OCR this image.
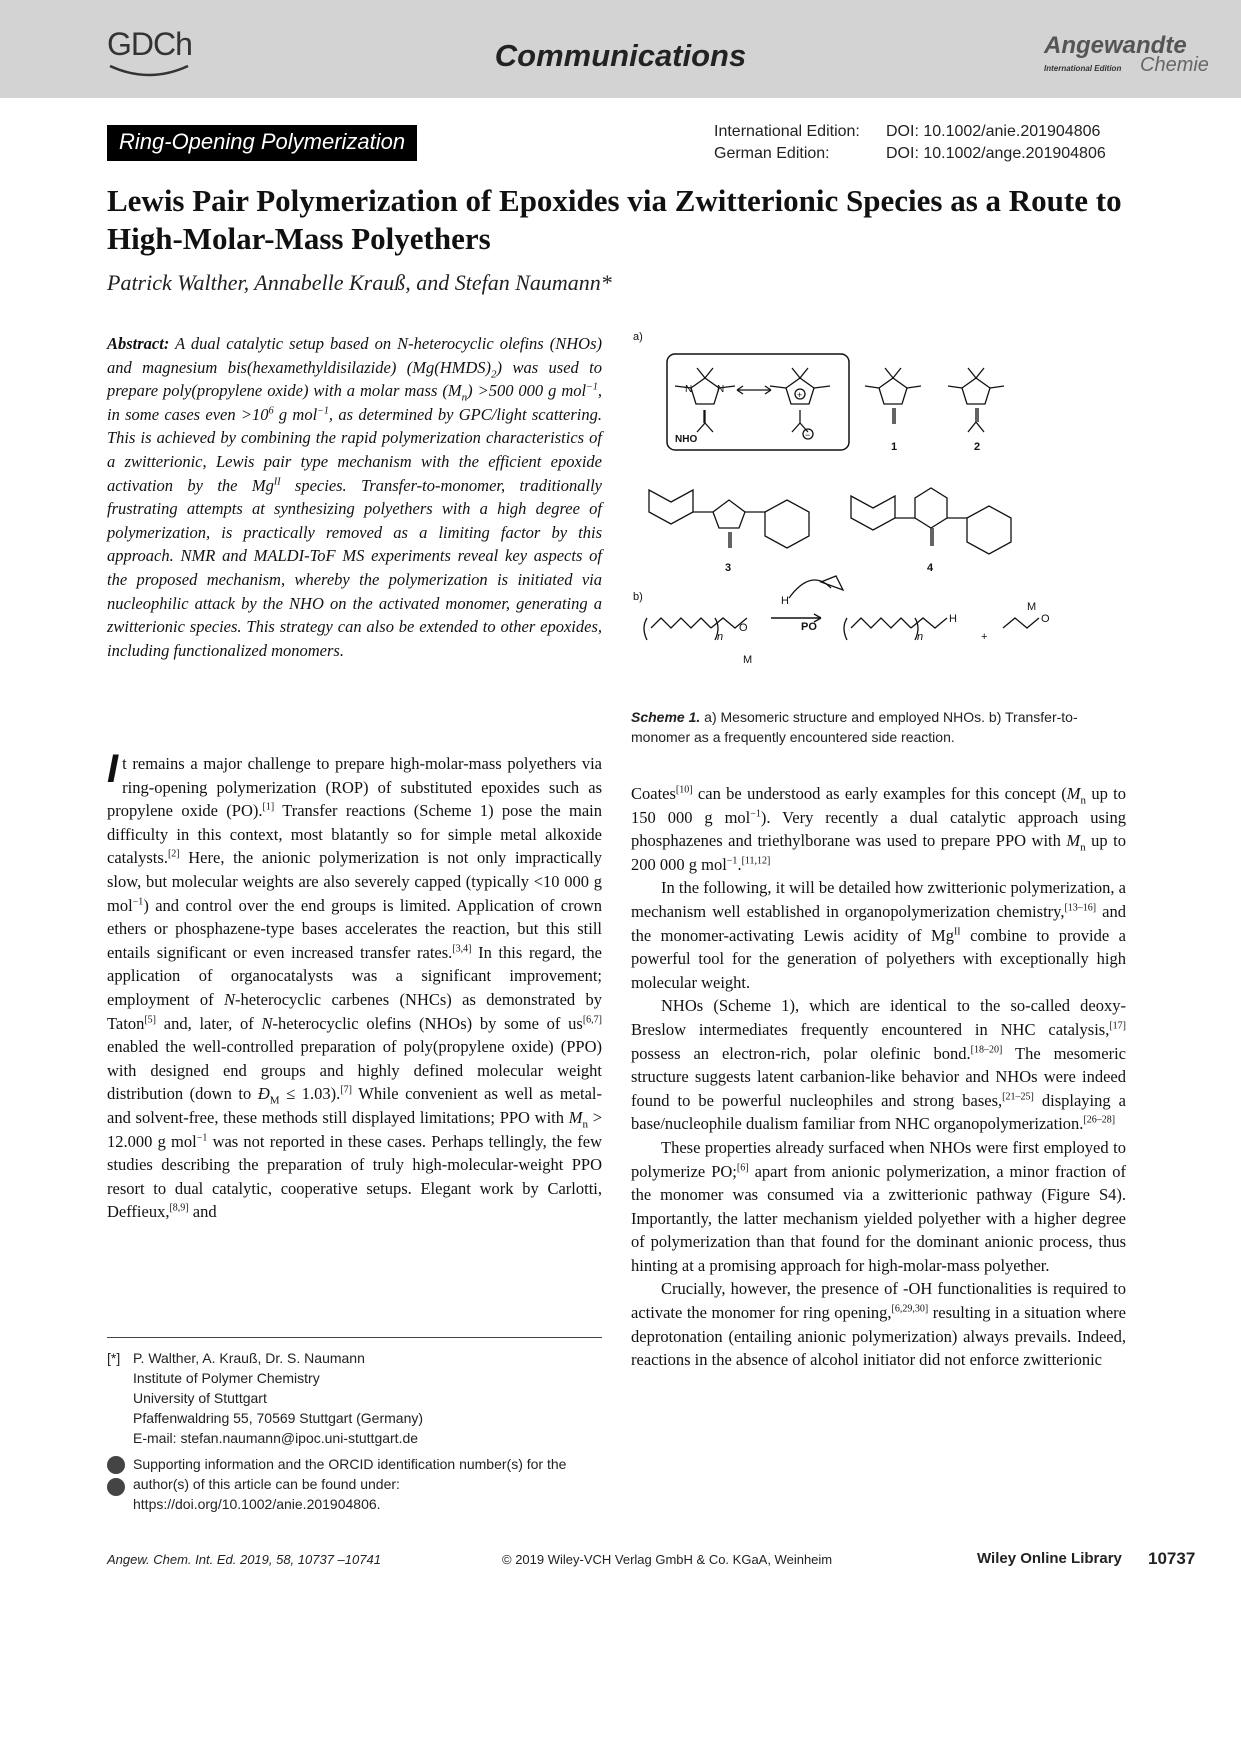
GDCh	Communications	Angewandte
International Edition Chemie
Ring-Opening Polymerization	International Edition: DOI: 10.1002/anie.201904806
German Edition:	DOI: 10.1002/ange.201904806
Lewis Pair Polymerization of Epoxides via Zwitterionic Species as a Route to High-Molar-Mass Polyethers
Patrick Walther, Annabelle Krauß, and Stefan Naumann*

Abstract: A dual catalytic setup based on N-heterocyclic olefins (NHOs) and magnesium bis(hexamethyldisilazide) $(Mg(HMDS)_2)$ was used to prepare poly(propylene oxide) with a molar mass $(M_n) >500$ 000 g mol$^{-1}$, in some cases even $>10^6$ g mol$^{-1}$, as determined by GPC/light scattering. This is achieved by combining the rapid polymerization characteristics of a zwitterionic, Lewis pair type mechanism with the efficient epoxide activation by the $Mg^{II}$ species. Transfer-to-monomer, traditionally frustrating attempts at synthesizing polyethers with a high degree of polymerization, is practically removed as a limiting factor by this approach. NMR and MALDI-ToF MS experiments reveal key aspects of the proposed mechanism, whereby the polymerization is initiated via nucleophilic attack by the NHO on the activated monomer, generating a zwitterionic species. This strategy can also be extended to other epoxides, including functionalized monomers.

It remains a major challenge to prepare high-molar-mass polyethers via ring-opening polymerization (ROP) of substituted epoxides such as propylene oxide (PO).[1] Transfer reactions (Scheme 1) pose the main difficulty in this context, most blatantly so for simple metal alkoxide catalysts.[2] Here, the anionic polymerization is not only impractically slow, but molecular weights are also severely capped (typically <10 000 g mol$^{-1}$) and control over the end groups is limited. Application of crown ethers or phosphazene-type bases accelerates the reaction, but this still entails significant or even increased transfer rates.[3,4] In this regard, the application of organocatalysts was a significant improvement; employment of N-heterocyclic carbenes (NHCs) as demonstrated by Taton[5] and, later, of N-heterocyclic olefins (NHOs) by some of us[6,7] enabled the well-controlled preparation of poly(propylene oxide) (PPO) with designed end groups and highly defined molecular weight distribution (down to $Đ_M \le 1.03).[7]$ While convenient as well as metal- and solvent-free, these methods still displayed limitations; PPO with $M_n > 12.000$ g mol$^{-1}$ was not reported in these cases. Perhaps tellingly, the few studies describing the preparation of truly high-molecular-weight PPO resort to dual catalytic, cooperative setups. Elegant work by Carlotti, Deffieux,[8,9] and

a)
N N	+
−
NHO
1	2
3	4
b)
n
O
M
H
PO
n
H
+
O
M
Scheme 1. a) Mesomeric structure and employed NHOs. b) Transfer-to-monomer as a frequently encountered side reaction.

Coates[10] can be understood as early examples for this concept ($M_n$ up to 150 000 g mol$^{-1}$). Very recently a dual catalytic approach using phosphazenes and triethylborane was used to prepare PPO with $M_n$ up to 200 000 g mol$^{-1}$.[11,12]

In the following, it will be detailed how zwitterionic polymerization, a mechanism well established in organopolymerization chemistry,[13–16] and the monomer-activating Lewis acidity of $Mg^{II}$ combine to provide a powerful tool for the generation of polyethers with exceptionally high molecular weight.

NHOs (Scheme 1), which are identical to the so-called deoxy-Breslow intermediates frequently encountered in NHC catalysis,[17] possess an electron-rich, polar olefinic bond.[18–20] The mesomeric structure suggests latent carbanion-like behavior and NHOs were indeed found to be powerful nucleophiles and strong bases,[21–25] displaying a base/nucleophile dualism familiar from NHC organopolymerization.[26–28]

These properties already surfaced when NHOs were first employed to polymerize PO;[6] apart from anionic polymerization, a minor fraction of the monomer was consumed via a zwitterionic pathway (Figure S4). Importantly, the latter mechanism yielded polyether with a higher degree of polymerization than that found for the dominant anionic process, thus hinting at a promising approach for high-molar-mass polyether.

Crucially, however, the presence of -OH functionalities is required to activate the monomer for ring opening,[6,29,30] resulting in a situation where deprotonation (entailing anionic polymerization) always prevails. Indeed, reactions in the absence of alcohol initiator did not enforce zwitterionic

[*] P. Walther, A. Krauß, Dr. S. Naumann
Institute of Polymer Chemistry
University of Stuttgart
Pfaffenwaldring 55, 70569 Stuttgart (Germany)
E-mail: stefan.naumann@ipoc.uni-stuttgart.de
Supporting information and the ORCID identification number(s) for the author(s) of this article can be found under: https://doi.org/10.1002/anie.201904806.
Angew. Chem. Int. Ed. 2019, 58, 10737 –10741	© 2019 Wiley-VCH Verlag GmbH & Co. KGaA, Weinheim	Wiley Online Library 10737
